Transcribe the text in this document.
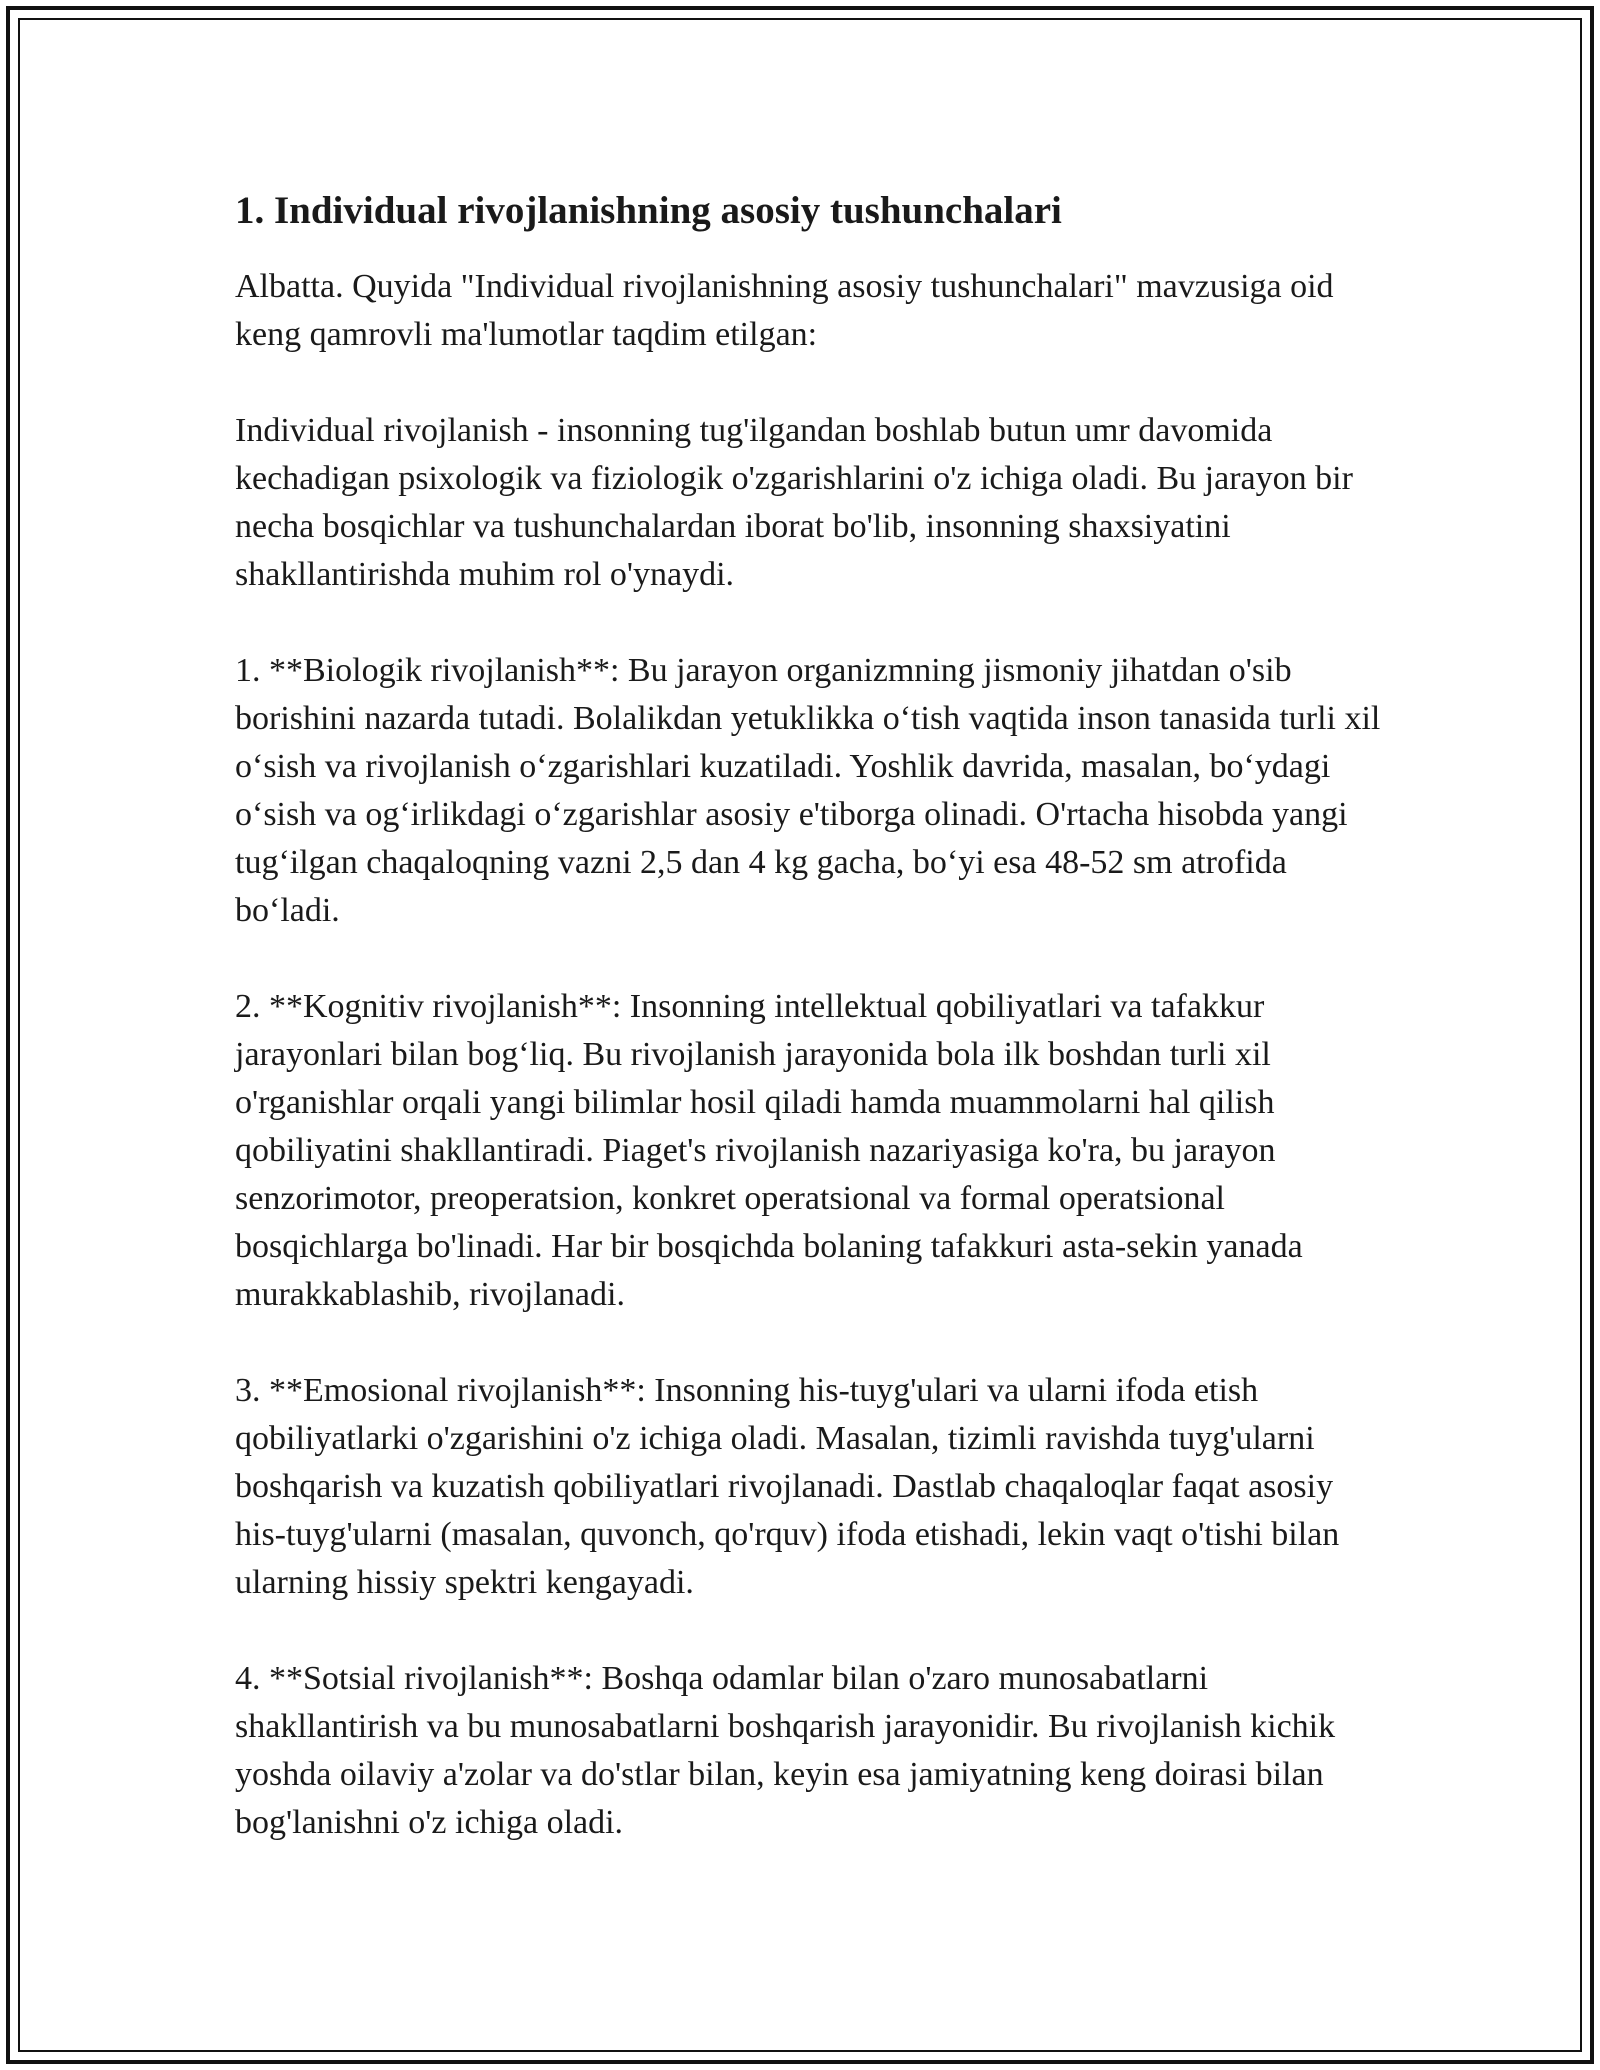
1. Individual rivojlanishning asosiy tushunchalari

Albatta. Quyida "Individual rivojlanishning asosiy tushunchalari" mavzusiga oid keng qamrovli ma'lumotlar taqdim etilgan:

Individual rivojlanish - insonning tug'ilgandan boshlab butun umr davomida kechadigan psixologik va fiziologik o'zgarishlarini o'z ichiga oladi. Bu jarayon bir necha bosqichlar va tushunchalardan iborat bo'lib, insonning shaxsiyatini shakllantirishda muhim rol o'ynaydi.

1. **Biologik rivojlanish**: Bu jarayon organizmning jismoniy jihatdan o'sib borishini nazarda tutadi. Bolalikdan yetuklikka oʻtish vaqtida inson tanasida turli xil oʻsish va rivojlanish oʻzgarishlari kuzatiladi. Yoshlik davrida, masalan, boʻydagi oʻsish va ogʻirlikdagi oʻzgarishlar asosiy e'tiborga olinadi. O'rtacha hisobda yangi tugʻilgan chaqaloqning vazni 2,5 dan 4 kg gacha, boʻyi esa 48-52 sm atrofida boʻladi.

2. **Kognitiv rivojlanish**: Insonning intellektual qobiliyatlari va tafakkur jarayonlari bilan bogʻliq. Bu rivojlanish jarayonida bola ilk boshdan turli xil o'rganishlar orqali yangi bilimlar hosil qiladi hamda muammolarni hal qilish qobiliyatini shakllantiradi. Piaget's rivojlanish nazariyasiga ko'ra, bu jarayon senzorimotor, preoperatsion, konkret operatsional va formal operatsional bosqichlarga bo'linadi. Har bir bosqichda bolaning tafakkuri asta-sekin yanada murakkablashib, rivojlanadi.

3. **Emosional rivojlanish**: Insonning his-tuyg'ulari va ularni ifoda etish qobiliyatlarki o'zgarishini o'z ichiga oladi. Masalan, tizimli ravishda tuyg'ularni boshqarish va kuzatish qobiliyatlari rivojlanadi. Dastlab chaqaloqlar faqat asosiy his-tuyg'ularni (masalan, quvonch, qo'rquv) ifoda etishadi, lekin vaqt o'tishi bilan ularning hissiy spektri kengayadi.

4. **Sotsial rivojlanish**: Boshqa odamlar bilan o'zaro munosabatlarni shakllantirish va bu munosabatlarni boshqarish jarayonidir. Bu rivojlanish kichik yoshda oilaviy a'zolar va do'stlar bilan, keyin esa jamiyatning keng doirasi bilan bog'lanishni o'z ichiga oladi.
